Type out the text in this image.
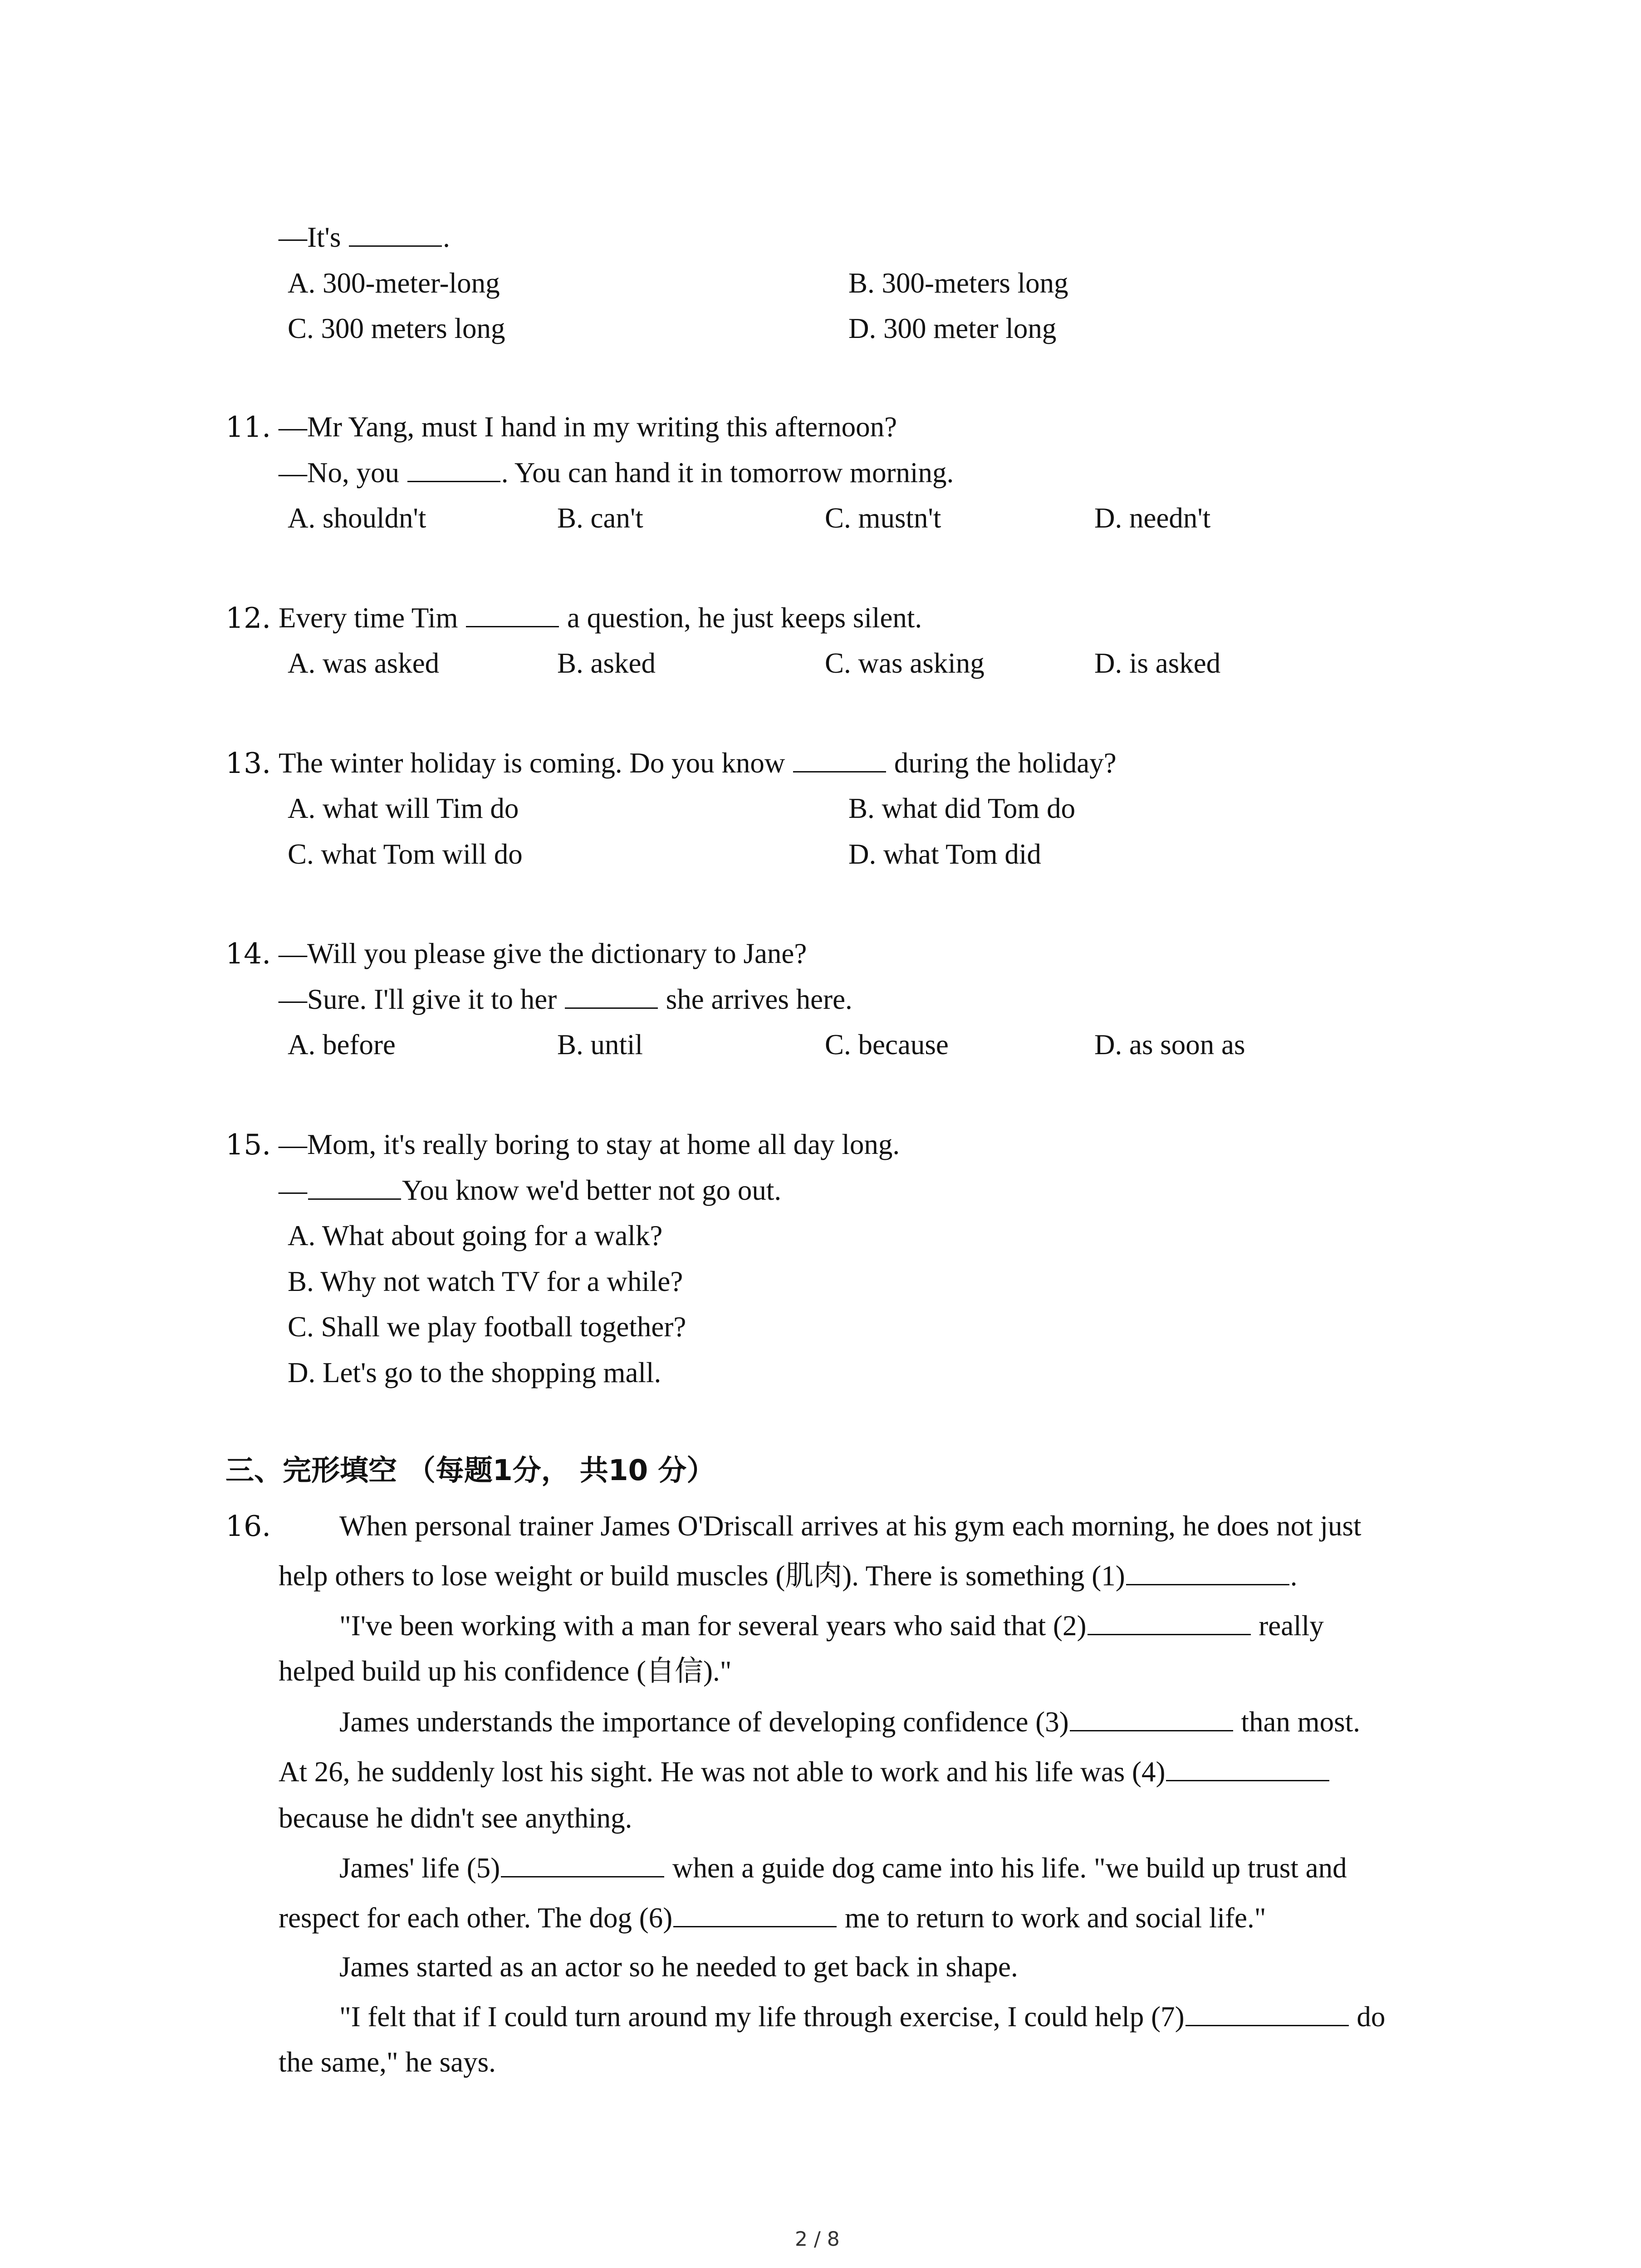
—It's	.
A. 300-meter-long	B. 300-meters long
C. 300 meters long	D. 300 meter long
11. —Mr Yang, must I hand in my writing this afternoon?
—No, you	. You can hand it in tomorrow morning.
A. shouldn't	B. can't	C. mustn't	D. needn't
12. Every time Tim	a question, he just keeps silent.
A. was asked	B. asked	C. was asking	D. is asked
13. The winter holiday is coming. Do you know	during the holiday?
A. what will Tim do	B. what did Tom do
C. what Tom will do	D. what Tom did
14. —Will you please give the dictionary to Jane?
—Sure. I'll give it to her	she arrives here.
A. before	B. until	C. because	D. as soon as
15. —Mom, it's really boring to stay at home all day long.
—	You know we'd better not go out.
A. What about going for a walk?
B. Why not watch TV for a while?
C. Shall we play football together?
D. Let's go to the shopping mall.
三、完形填空 （每题1分， 共10 分）
16. When personal trainer James O'Driscall arrives at his gym each morning, he does not just
help others to lose weight or build muscles (肌肉). There is something (1)	.
"I've been working with a man for several years who said that (2)	really
helped build up his confidence (自信)."
James understands the importance of developing confidence (3)	than most.
At 26, he suddenly lost his sight. He was not able to work and his life was (4)
because he didn't see anything.
James' life (5)	when a guide dog came into his life. "we build up trust and
respect for each other. The dog (6)	me to return to work and social life."
James started as an actor so he needed to get back in shape.
"I felt that if I could turn around my life through exercise, I could help (7)	do
the same," he says.
2 / 8
